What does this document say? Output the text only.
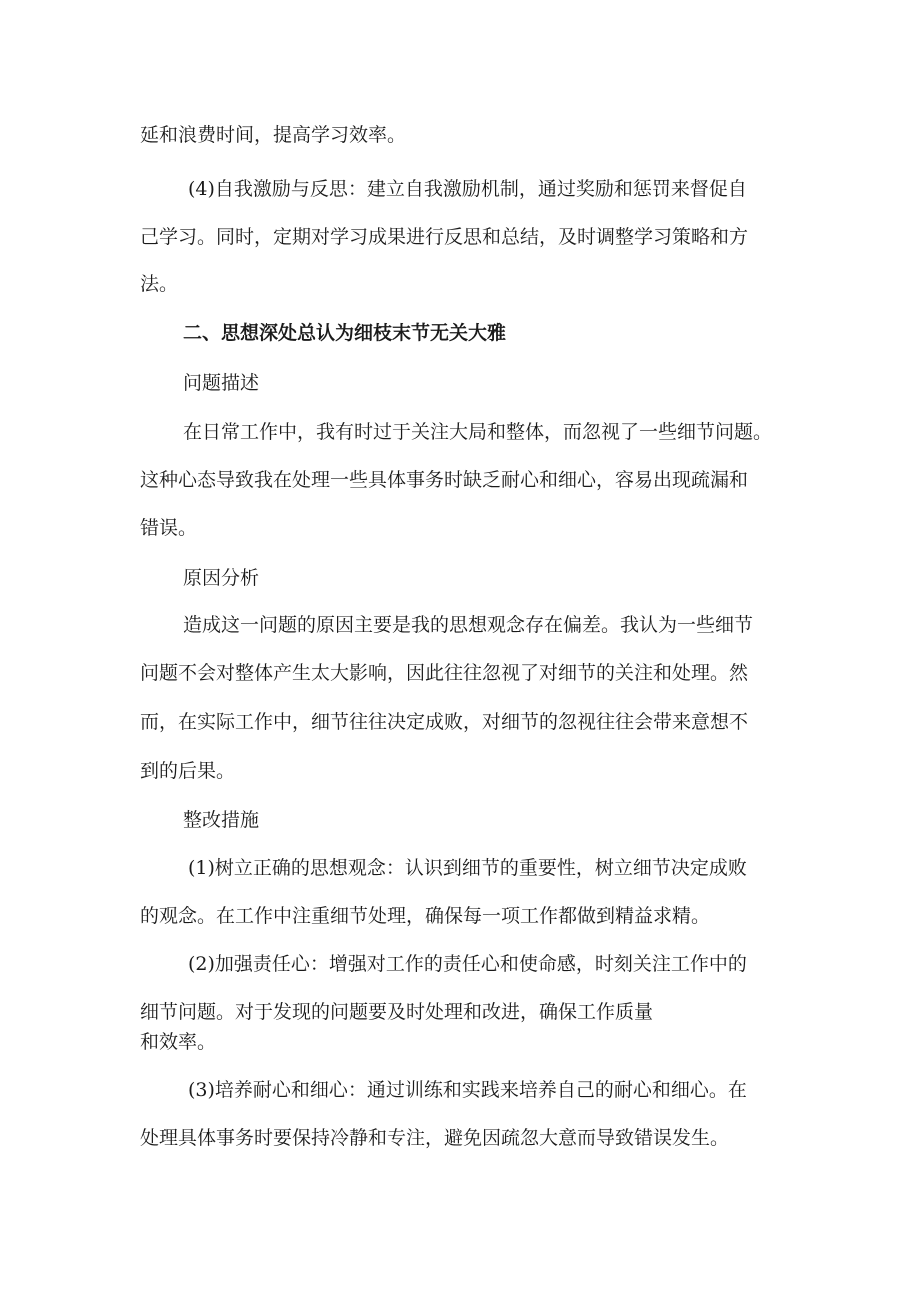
延和浪费时间，提高学习效率。
(4)自我激励与反思：建立自我激励机制，通过奖励和惩罚来督促自
己学习。同时，定期对学习成果进行反思和总结，及时调整学习策略和方
法。
二、思想深处总认为细枝末节无关大雅
问题描述
在日常工作中，我有时过于关注大局和整体，而忽视了一些细节问题。
这种心态导致我在处理一些具体事务时缺乏耐心和细心，容易出现疏漏和
错误。
原因分析
造成这一问题的原因主要是我的思想观念存在偏差。我认为一些细节
问题不会对整体产生太大影响，因此往往忽视了对细节的关注和处理。然
而，在实际工作中，细节往往决定成败，对细节的忽视往往会带来意想不
到的后果。
整改措施
(1)树立正确的思想观念：认识到细节的重要性，树立细节决定成败
的观念。在工作中注重细节处理，确保每一项工作都做到精益求精。
(2)加强责任心：增强对工作的责任心和使命感，时刻关注工作中的
细节问题。对于发现的问题要及时处理和改进，确保工作质量
和效率。
(3)培养耐心和细心：通过训练和实践来培养自己的耐心和细心。在
处理具体事务时要保持冷静和专注，避免因疏忽大意而导致错误发生。
